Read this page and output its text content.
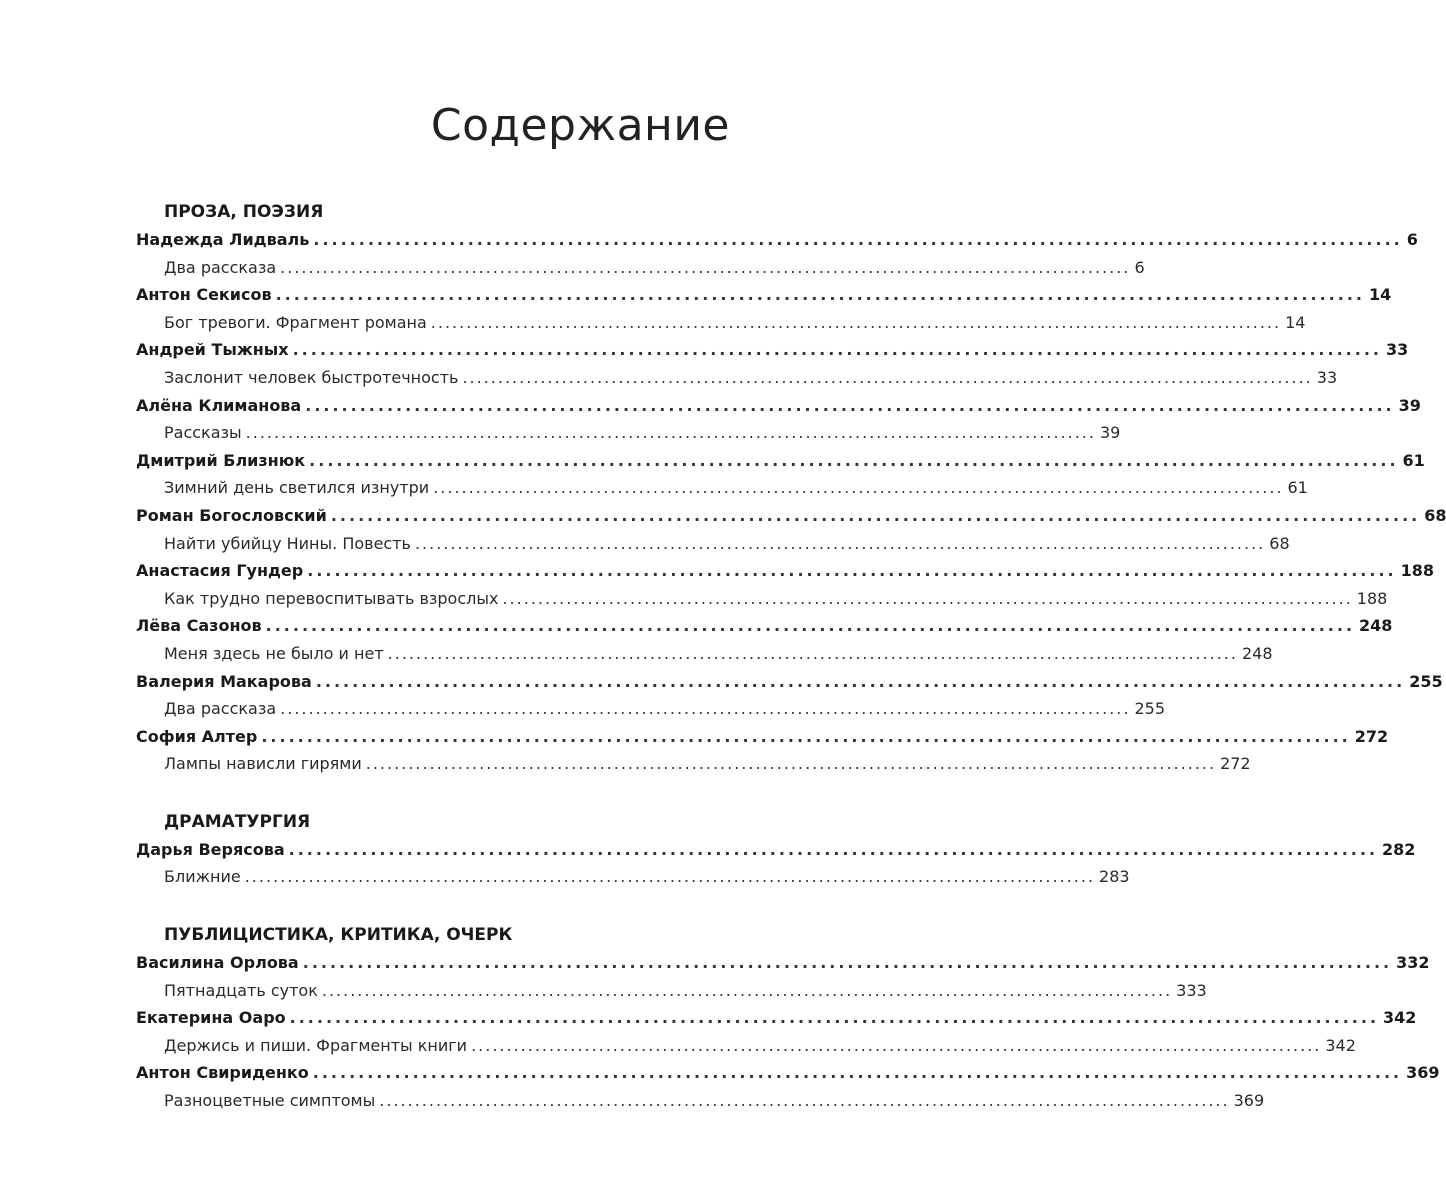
Содержание
ПРОЗА, ПОЭЗИЯ
Надежда Лидваль ........................................................................................................................ 6
Два рассказа ........................................................................................................................ 6
Антон Секисов ........................................................................................................................ 14
Бог тревоги. Фрагмент романа ........................................................................................................................ 14
Андрей Тыжных ........................................................................................................................ 33
Заслонит человек быстротечность ........................................................................................................................ 33
Алёна Климанова ........................................................................................................................ 39
Рассказы ........................................................................................................................ 39
Дмитрий Близнюк ........................................................................................................................ 61
Зимний день светился изнутри ........................................................................................................................ 61
Роман Богословский ........................................................................................................................ 68
Найти убийцу Нины. Повесть ........................................................................................................................ 68
Анастасия Гундер ........................................................................................................................ 188
Как трудно перевоспитывать взрослых ........................................................................................................................ 188
Лёва Сазонов ........................................................................................................................ 248
Меня здесь не было и нет ........................................................................................................................ 248
Валерия Макарова ........................................................................................................................ 255
Два рассказа ........................................................................................................................ 255
София Алтер ........................................................................................................................ 272
Лампы нависли гирями ........................................................................................................................ 272
ДРАМАТУРГИЯ
Дарья Верясова ........................................................................................................................ 282
Ближние ........................................................................................................................ 283
ПУБЛИЦИСТИКА, КРИТИКА, ОЧЕРК
Василина Орлова ........................................................................................................................ 332
Пятнадцать суток ........................................................................................................................ 333
Екатерина Оаро ........................................................................................................................ 342
Держись и пиши. Фрагменты книги ........................................................................................................................ 342
Антон Свириденко ........................................................................................................................ 369
Разноцветные симптомы ........................................................................................................................ 369
